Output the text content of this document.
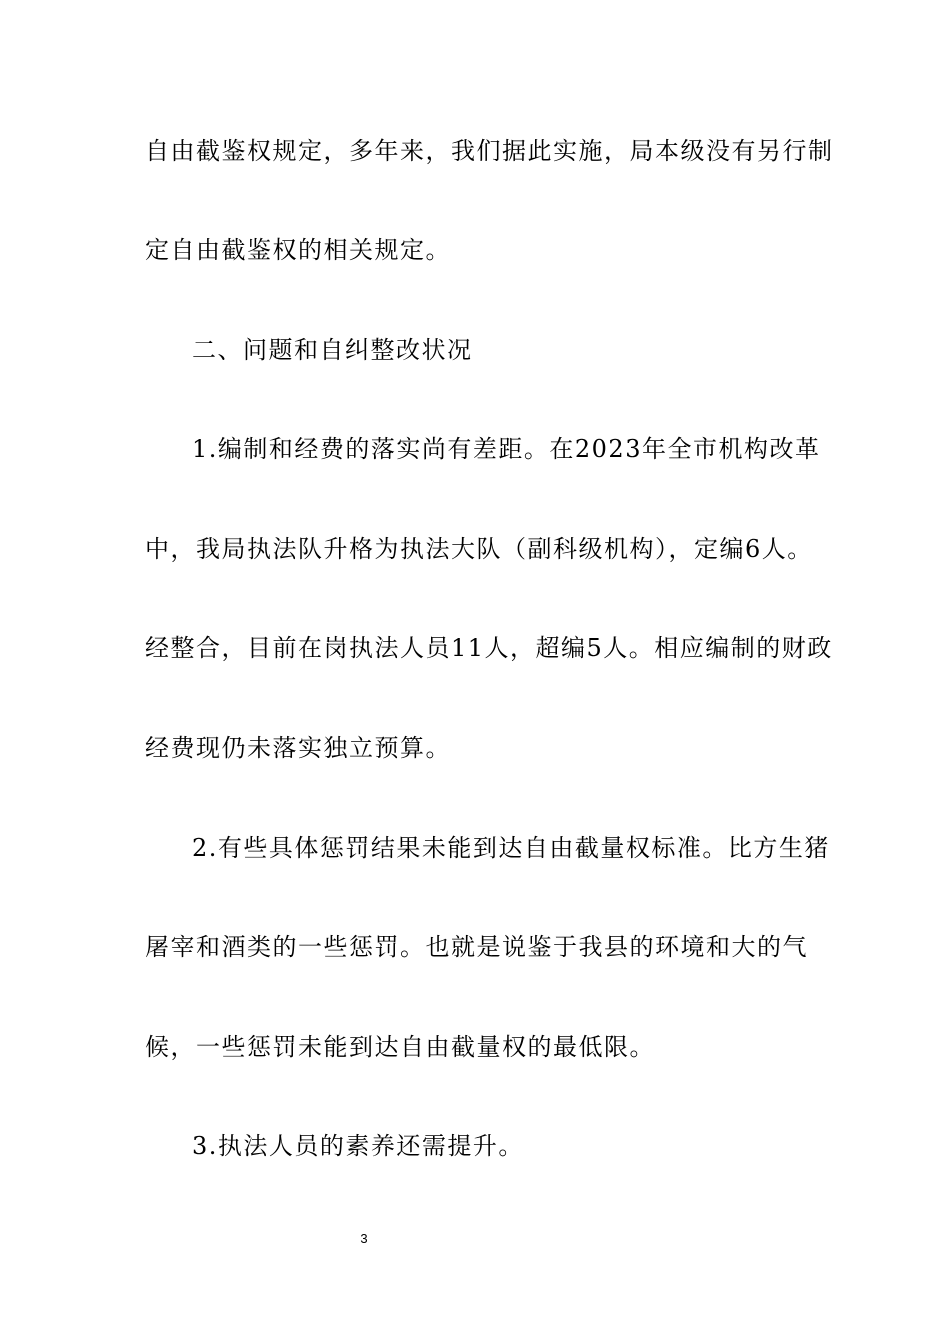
自由截鉴权规定，多年来，我们据此实施，局本级没有另行制
定自由截鉴权的相关规定。
二、问题和自纠整改状况
1.编制和经费的落实尚有差距。在2023年全市机构改革
中，我局执法队升格为执法大队（副科级机构），定编6人。
经整合，目前在岗执法人员11人，超编5人。相应编制的财政
经费现仍未落实独立预算。
2.有些具体惩罚结果未能到达自由截量权标准。比方生猪
屠宰和酒类的一些惩罚。也就是说鉴于我县的环境和大的气
候，一些惩罚未能到达自由截量权的最低限。
3.执法人员的素养还需提升。
3
